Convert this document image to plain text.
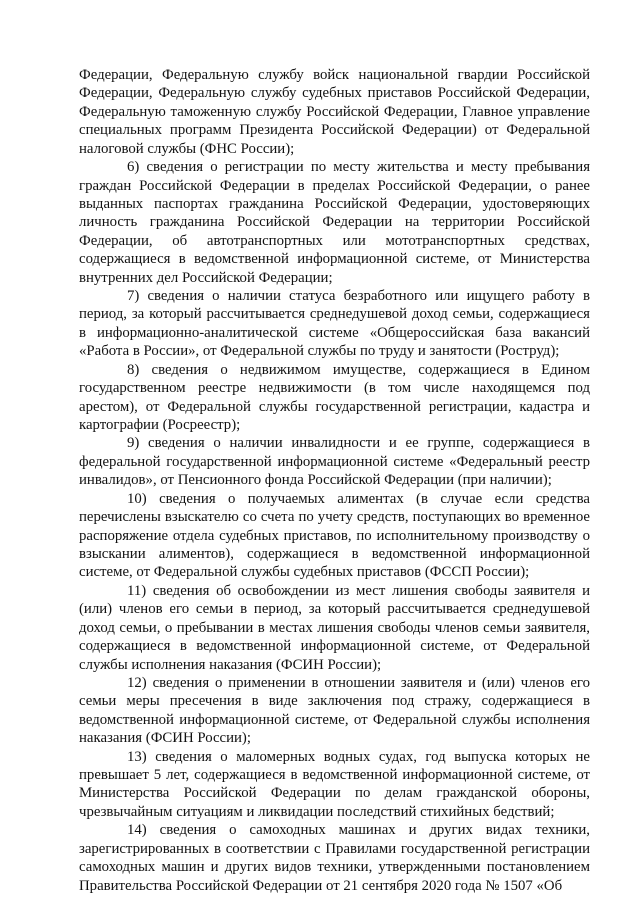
Федерации, Федеральную службу войск национальной гвардии Российской Федерации, Федеральную службу судебных приставов Российской Федерации, Федеральную таможенную службу Российской Федерации, Главное управление специальных программ Президента Российской Федерации) от Федеральной налоговой службы (ФНС России);

6) сведения о регистрации по месту жительства и месту пребывания граждан Российской Федерации в пределах Российской Федерации, о ранее выданных паспортах гражданина Российской Федерации, удостоверяющих личность гражданина Российской Федерации на территории Российской Федерации, об автотранспортных или мототранспортных средствах, содержащиеся в ведомственной информационной системе, от Министерства внутренних дел Российской Федерации;

7) сведения о наличии статуса безработного или ищущего работу в период, за который рассчитывается среднедушевой доход семьи, содержащиеся в информационно-аналитической системе «Общероссийская база вакансий «Работа в России», от Федеральной службы по труду и занятости (Роструд);

8) сведения о недвижимом имуществе, содержащиеся в Едином государственном реестре недвижимости (в том числе находящемся под арестом), от Федеральной службы государственной регистрации, кадастра и картографии (Росреестр);

9) сведения о наличии инвалидности и ее группе, содержащиеся в федеральной государственной информационной системе «Федеральный реестр инвалидов», от Пенсионного фонда Российской Федерации (при наличии);

10) сведения о получаемых алиментах (в случае если средства перечислены взыскателю со счета по учету средств, поступающих во временное распоряжение отдела судебных приставов, по исполнительному производству о взыскании алиментов), содержащиеся в ведомственной информационной системе, от Федеральной службы судебных приставов (ФССП России);

11) сведения об освобождении из мест лишения свободы заявителя и (или) членов его семьи в период, за который рассчитывается среднедушевой доход семьи, о пребывании в местах лишения свободы членов семьи заявителя, содержащиеся в ведомственной информационной системе, от Федеральной службы исполнения наказания (ФСИН России);

12) сведения о применении в отношении заявителя и (или) членов его семьи меры пресечения в виде заключения под стражу, содержащиеся в ведомственной информационной системе, от Федеральной службы исполнения наказания (ФСИН России);

13) сведения о маломерных водных судах, год выпуска которых не превышает 5 лет, содержащиеся в ведомственной информационной системе, от Министерства Российской Федерации по делам гражданской обороны, чрезвычайным ситуациям и ликвидации последствий стихийных бедствий;

14) сведения о самоходных машинах и других видах техники, зарегистрированных в соответствии с Правилами государственной регистрации самоходных машин и других видов техники, утвержденными постановлением Правительства Российской Федерации от 21 сентября 2020 года № 1507 «Об
